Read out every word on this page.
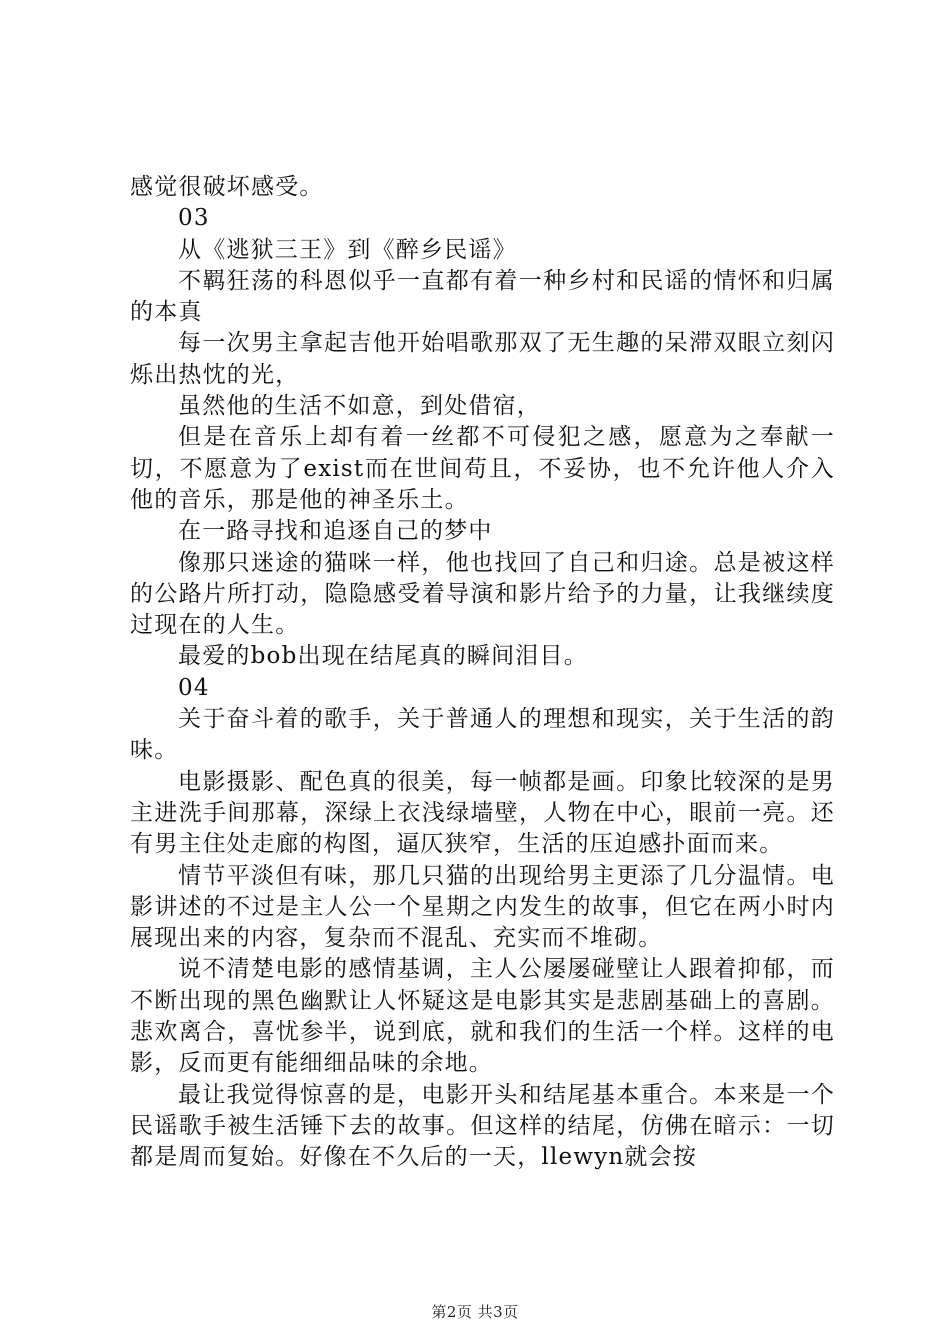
感觉很破坏感受。

03

从《逃狱三王》到《醉乡民谣》

不羁狂荡的科恩似乎一直都有着一种乡村和民谣的情怀和归属的本真

每一次男主拿起吉他开始唱歌那双了无生趣的呆滞双眼立刻闪烁出热忱的光，

虽然他的生活不如意，到处借宿，

但是在音乐上却有着一丝都不可侵犯之感，愿意为之奉献一切，不愿意为了exist而在世间苟且，不妥协，也不允许他人介入他的音乐，那是他的神圣乐土。

在一路寻找和追逐自己的梦中

像那只迷途的猫咪一样，他也找回了自己和归途。总是被这样的公路片所打动，隐隐感受着导演和影片给予的力量，让我继续度过现在的人生。

最爱的bob出现在结尾真的瞬间泪目。

04

关于奋斗着的歌手，关于普通人的理想和现实，关于生活的韵味。

电影摄影、配色真的很美，每一帧都是画。印象比较深的是男主进洗手间那幕，深绿上衣浅绿墙壁，人物在中心，眼前一亮。还有男主住处走廊的构图，逼仄狭窄，生活的压迫感扑面而来。

情节平淡但有味，那几只猫的出现给男主更添了几分温情。电影讲述的不过是主人公一个星期之内发生的故事，但它在两小时内展现出来的内容，复杂而不混乱、充实而不堆砌。

说不清楚电影的感情基调，主人公屡屡碰壁让人跟着抑郁，而不断出现的黑色幽默让人怀疑这是电影其实是悲剧基础上的喜剧。悲欢离合，喜忧参半，说到底，就和我们的生活一个样。这样的电影，反而更有能细细品味的余地。

最让我觉得惊喜的是，电影开头和结尾基本重合。本来是一个民谣歌手被生活锤下去的故事。但这样的结尾，仿佛在暗示：一切都是周而复始。好像在不久后的一天，llewyn就会按

第2页 共3页
